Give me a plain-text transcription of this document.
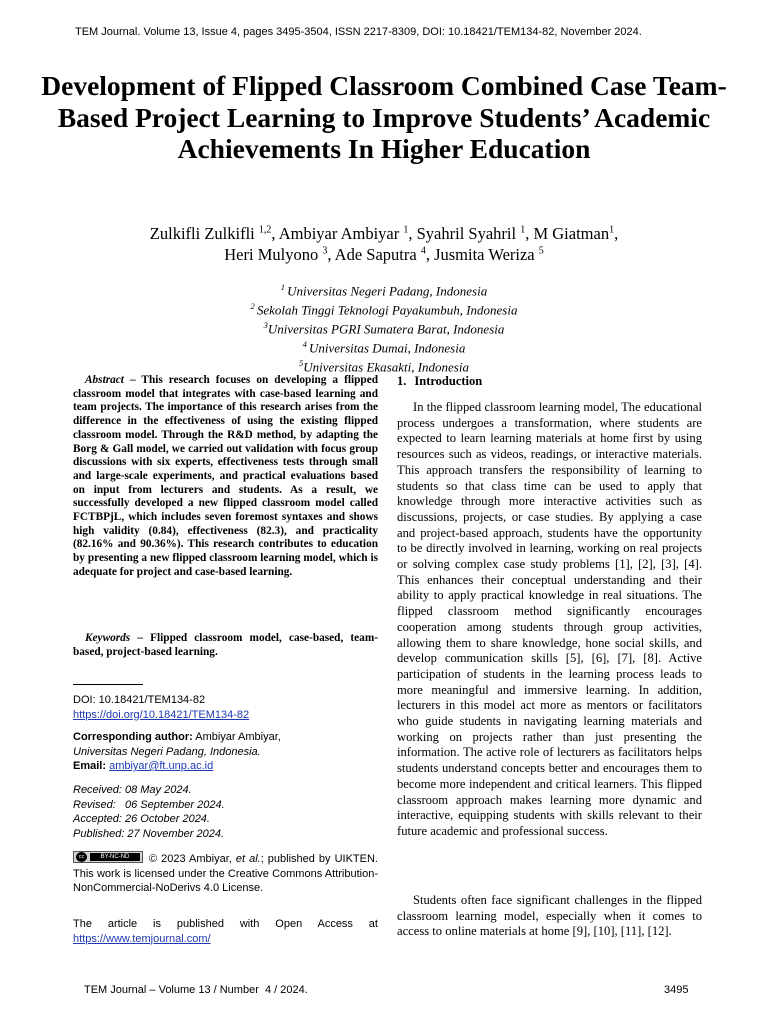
TEM Journal. Volume 13, Issue 4, pages 3495-3504, ISSN 2217-8309, DOI: 10.18421/TEM134-82, November 2024.
Development of Flipped Classroom Combined Case Team-Based Project Learning to Improve Students’ Academic Achievements In Higher Education
Zulkifli Zulkifli $^{1,2}$, Ambiyar Ambiyar $^1$, Syahril Syahril $^1$, M Giatman$^1$,
Heri Mulyono $^3$, Ade Saputra $^4$, Jusmita Weriza $^5$
$^1$ Universitas Negeri Padang, Indonesia
$^2$ Sekolah Tinggi Teknologi Payakumbuh, Indonesia
$^3$Universitas PGRI Sumatera Barat, Indonesia
$^4$ Universitas Dumai, Indonesia
$^5$Universitas Ekasakti, Indonesia
Abstract – This research focuses on developing a flipped classroom model that integrates with case-based learning and team projects. The importance of this research arises from the difference in the effectiveness of using the existing flipped classroom model. Through the R&D method, by adapting the Borg & Gall model, we carried out validation with focus group discussions with six experts, effectiveness tests through small and large-scale experiments, and practical evaluations based on input from lecturers and students. As a result, we successfully developed a new flipped classroom model called FCTBPjL, which includes seven foremost syntaxes and shows high validity (0.84), effectiveness (82.3), and practicality (82.16% and 90.36%). This research contributes to education by presenting a new flipped classroom learning model, which is adequate for project and case-based learning.
Keywords – Flipped classroom model, case-based, team-based, project-based learning.
DOI: 10.18421/TEM134-82
https://doi.org/10.18421/TEM134-82
Corresponding author: Ambiyar Ambiyar,
Universitas Negeri Padang, Indonesia.
Email: ambiyar@ft.unp.ac.id
Received: 08 May 2024.
Revised:   06 September 2024.
Accepted: 26 October 2024.
Published: 27 November 2024.
cc	BY-NC-ND	© 2023 Ambiyar, et al.; published by UIKTEN. This work is licensed under the Creative Commons Attribution-NonCommercial-NoDerivs 4.0 License.
The article is published with Open Access at https://www.temjournal.com/
1. Introduction
In the flipped classroom learning model, The educational process undergoes a transformation, where students are expected to learn learning materials at home first by using resources such as videos, readings, or interactive materials. This approach transfers the responsibility of learning to students so that class time can be used to apply that knowledge through more interactive activities such as discussions, projects, or case studies. By applying a case and project-based approach, students have the opportunity to be directly involved in learning, working on real projects or solving complex case study problems [1], [2], [3], [4]. This enhances their conceptual understanding and their ability to apply practical knowledge in real situations. The flipped classroom method significantly encourages cooperation among students through group activities, allowing them to share knowledge, hone social skills, and develop communication skills [5], [6], [7], [8]. Active participation of students in the learning process leads to more meaningful and immersive learning. In addition, lecturers in this model act more as mentors or facilitators who guide students in navigating learning materials and working on projects rather than just presenting the information. The active role of lecturers as facilitators helps students understand concepts better and encourages them to become more independent and critical learners. This flipped classroom approach makes learning more dynamic and interactive, equipping students with skills relevant to their future academic and professional success.
Students often face significant challenges in the flipped classroom learning model, especially when it comes to access to online materials at home [9], [10], [11], [12].
TEM Journal – Volume 13 / Number  4 / 2024.	3495
